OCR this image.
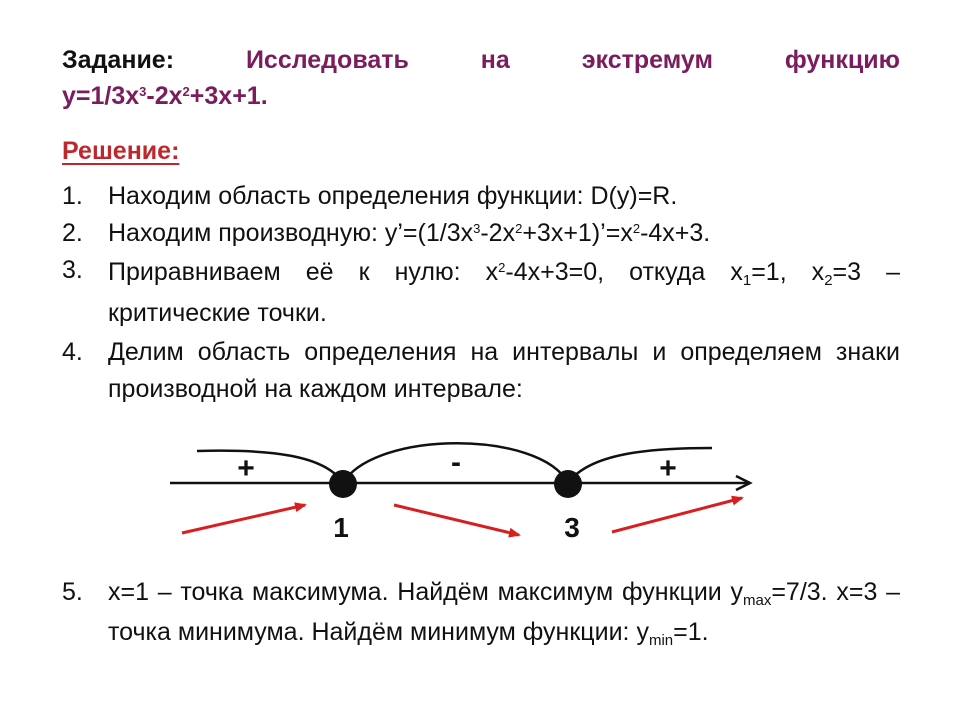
Задание:	Исследовать	на	экстремум	функцию
$y=1/3x^3-2x^2+3x+1$.
Решение:
1.	Находим область определения функции: D(y)=R.
2.	Находим производную: $y’=(1/3x^3-2x^2+3x+1)’=x^2-4x+3$.
3.	Приравниваем её к нулю: $x^2-4x+3=0$, откуда $x_1=1$, $x_2=3$ – критические точки.
4.	Делим область определения на интервалы и определяем знаки производной на каждом интервале:
+	-	+
1	3
5.	x=1 – точка максимума. Найдём максимум функции $y_{max}=7/3$. x=3 – точка минимума. Найдём минимум функции: $y_{min}=1$.
